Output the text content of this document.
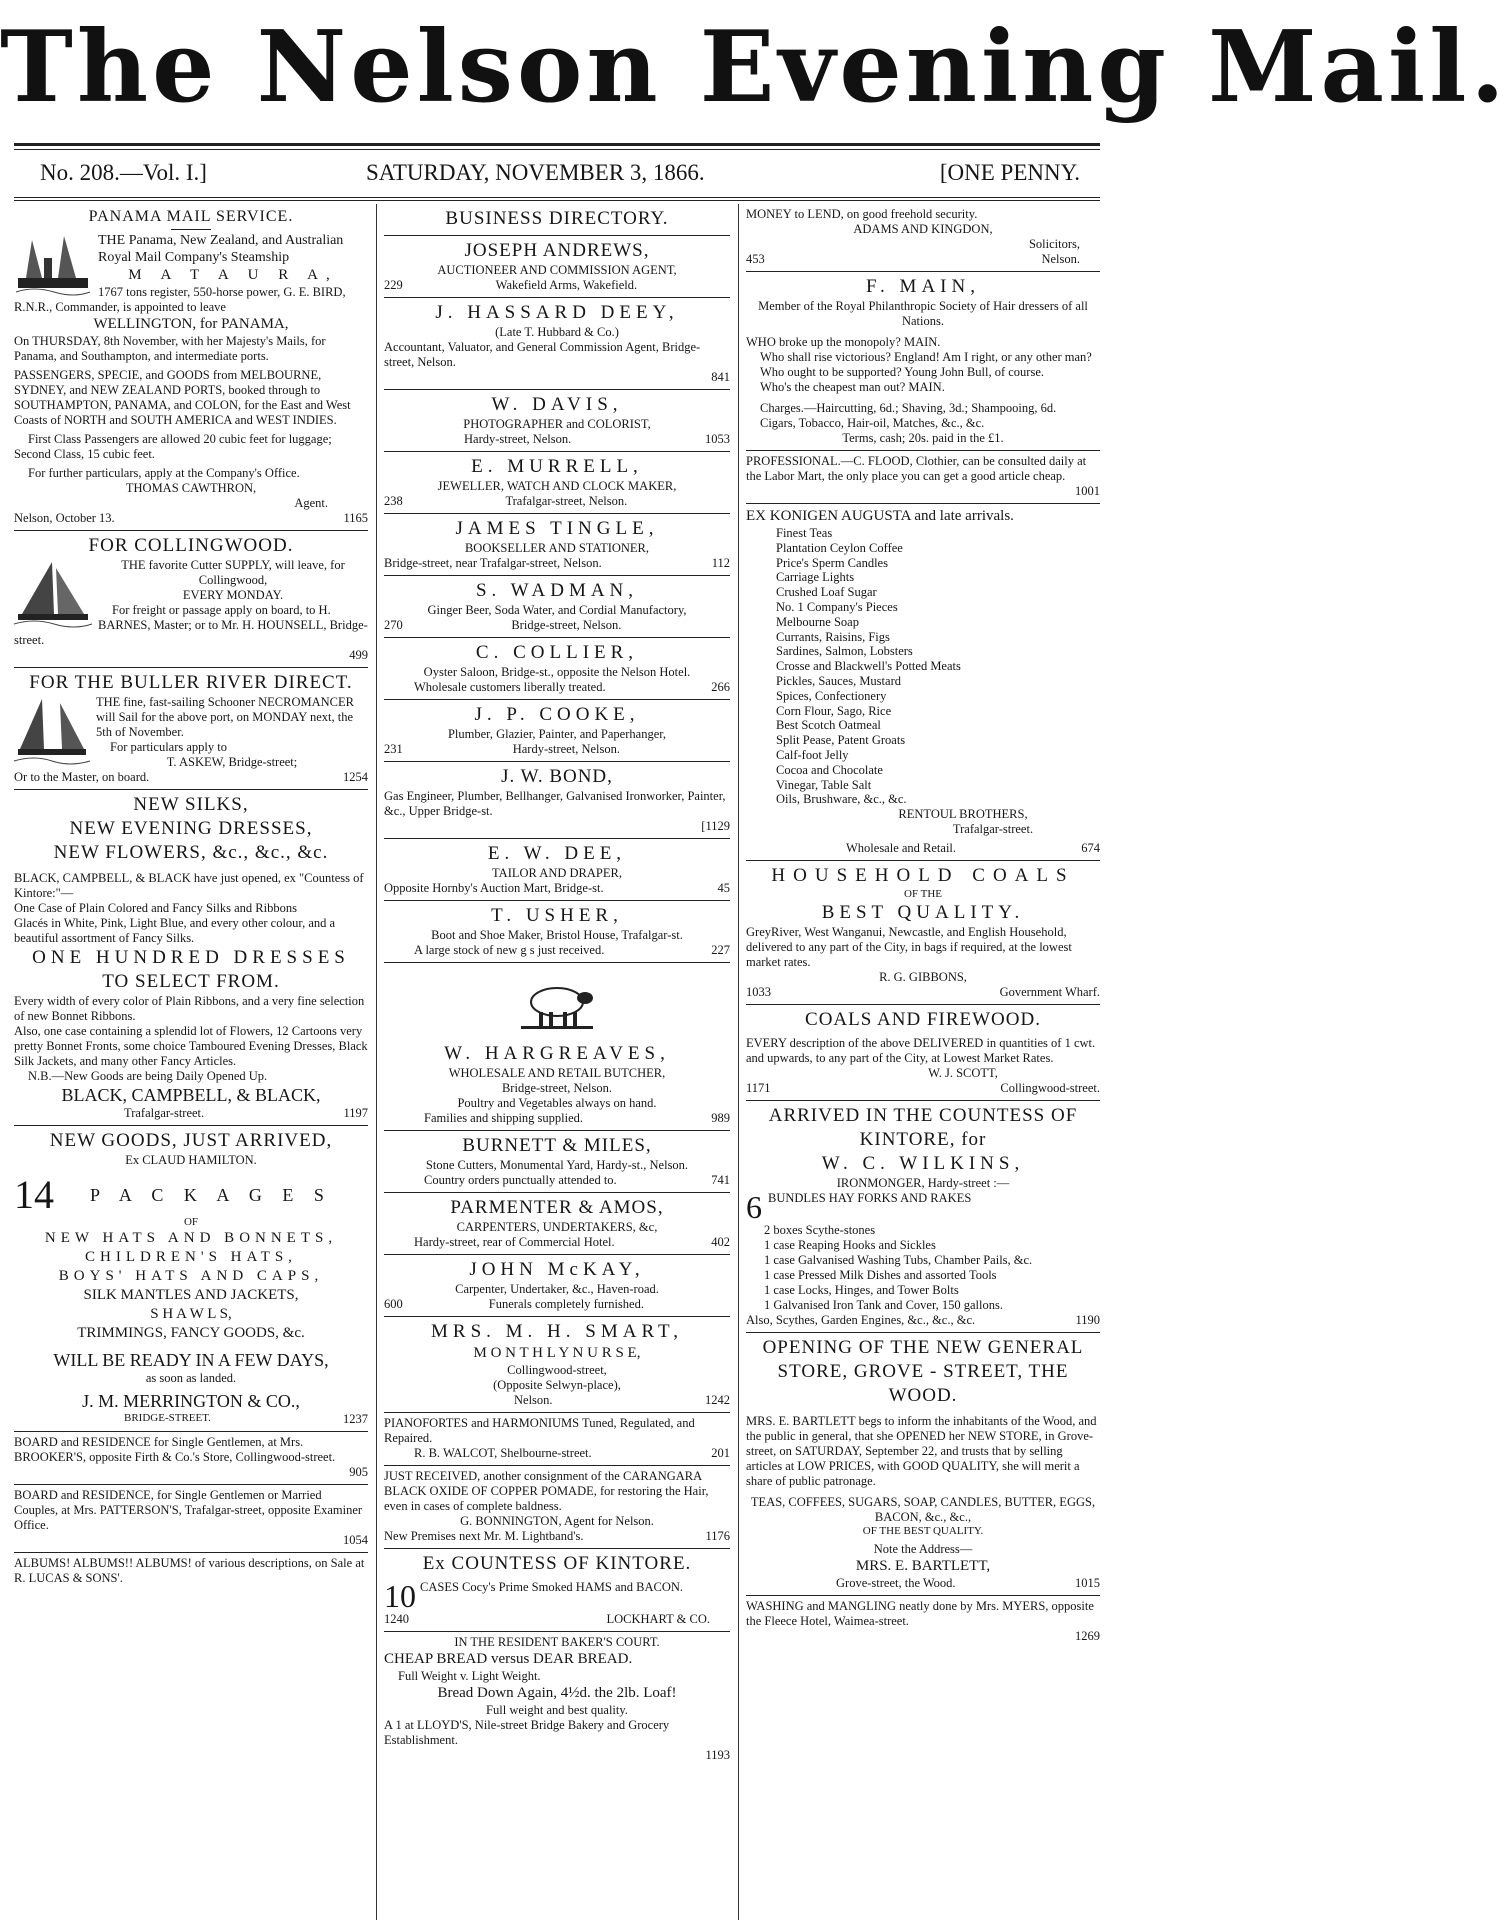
The Nelson Evening Mail.
No. 208.—Vol. I.]	SATURDAY, NOVEMBER 3, 1866.	[ONE PENNY.
PANAMA MAIL SERVICE.
THE Panama, New Zealand, and Australian Royal Mail Company's Steamship
M A T A U R A,
1767 tons register, 550-horse power, G. E. BIRD, R.N.R., Commander, is appointed to leave
WELLINGTON, for PANAMA,
On THURSDAY, 8th November, with her Majesty's Mails, for Panama, and Southampton, and intermediate ports.
PASSENGERS, SPECIE, and GOODS from MELBOURNE, SYDNEY, and NEW ZEALAND PORTS, booked through to SOUTHAMPTON, PANAMA, and COLON, for the East and West Coasts of NORTH and SOUTH AMERICA and WEST INDIES.
First Class Passengers are allowed 20 cubic feet for luggage; Second Class, 15 cubic feet.
For further particulars, apply at the Company's Office.
THOMAS CAWTHRON,
Agent.
Nelson, October 13.	1165
FOR COLLINGWOOD.
THE favorite Cutter SUPPLY, will leave, for Collingwood,
EVERY MONDAY.
For freight or passage apply on board, to H. BARNES, Master; or to Mr. H. HOUNSELL, Bridge-street.
499
FOR THE BULLER RIVER DIRECT.
THE fine, fast-sailing Schooner NECROMANCER will Sail for the above port, on MONDAY next, the 5th of November.
For particulars apply to
T. ASKEW, Bridge-street;
Or to the Master, on board.	1254
NEW SILKS,
NEW EVENING DRESSES,
NEW FLOWERS, &c., &c., &c.
BLACK, CAMPBELL, & BLACK have just opened, ex "Countess of Kintore:"—
One Case of Plain Colored and Fancy Silks and Ribbons
Glacés in White, Pink, Light Blue, and every other colour, and a beautiful assortment of Fancy Silks.
ONE HUNDRED DRESSES
TO SELECT FROM.
Every width of every color of Plain Ribbons, and a very fine selection of new Bonnet Ribbons.
Also, one case containing a splendid lot of Flowers, 12 Cartoons very pretty Bonnet Fronts, some choice Tamboured Evening Dresses, Black Silk Jackets, and many other Fancy Articles.
N.B.—New Goods are being Daily Opened Up.
BLACK, CAMPBELL, & BLACK,
Trafalgar-street.	1197
NEW GOODS, JUST ARRIVED,
Ex CLAUD HAMILTON.
14	P A C K A G E S
OF
NEW HATS AND BONNETS,
CHILDREN'S HATS,
BOYS' HATS AND CAPS,
SILK MANTLES AND JACKETS,
S H A W L S,
TRIMMINGS, FANCY GOODS, &c.
WILL BE READY IN A FEW DAYS,
as soon as landed.
J. M. MERRINGTON & CO.,
BRIDGE-STREET.	1237
BOARD and RESIDENCE for Single Gentlemen, at Mrs. BROOKER'S, opposite Firth & Co.'s Store, Collingwood-street.
905
BOARD and RESIDENCE, for Single Gentlemen or Married Couples, at Mrs. PATTERSON'S, Trafalgar-street, opposite Examiner Office.
1054
ALBUMS! ALBUMS!! ALBUMS! of various descriptions, on Sale at R. LUCAS & SONS'.
BUSINESS DIRECTORY.
JOSEPH ANDREWS,
AUCTIONEER AND COMMISSION AGENT,
229	Wakefield Arms, Wakefield.
J. HASSARD DEEY,
(Late T. Hubbard & Co.)
Accountant, Valuator, and General Commission Agent, Bridge-street, Nelson.
841
W. DAVIS,
PHOTOGRAPHER and COLORIST,
Hardy-street, Nelson.	1053
E. MURRELL,
JEWELLER, WATCH AND CLOCK MAKER,
238	Trafalgar-street, Nelson.
JAMES TINGLE,
BOOKSELLER AND STATIONER,
Bridge-street, near Trafalgar-street, Nelson.	112
S. WADMAN,
Ginger Beer, Soda Water, and Cordial Manufactory,
270	Bridge-street, Nelson.
C. COLLIER,
Oyster Saloon, Bridge-st., opposite the Nelson Hotel.
Wholesale customers liberally treated.	266
J. P. COOKE,
Plumber, Glazier, Painter, and Paperhanger,
231	Hardy-street, Nelson.
J. W. BOND,
Gas Engineer, Plumber, Bellhanger, Galvanised Ironworker, Painter, &c., Upper Bridge-st.
[1129
E. W. DEE,
TAILOR AND DRAPER,
Opposite Hornby's Auction Mart, Bridge-st.	45
T. USHER,
Boot and Shoe Maker, Bristol House, Trafalgar-st.
A large stock of new g s just received.	227
W. HARGREAVES,
WHOLESALE AND RETAIL BUTCHER,
Bridge-street, Nelson.
Poultry and Vegetables always on hand.
Families and shipping supplied.	989
BURNETT & MILES,
Stone Cutters, Monumental Yard, Hardy-st., Nelson.
Country orders punctually attended to.	741
PARMENTER & AMOS,
CARPENTERS, UNDERTAKERS, &c,
Hardy-street, rear of Commercial Hotel.	402
JOHN McKAY,
Carpenter, Undertaker, &c., Haven-road.
600	Funerals completely furnished.
MRS. M. H. SMART,
M O N T H L Y N U R S E,
Collingwood-street,
(Opposite Selwyn-place),
Nelson.	1242
PIANOFORTES and HARMONIUMS Tuned, Regulated, and Repaired.
R. B. WALCOT, Shelbourne-street.	201
JUST RECEIVED, another consignment of the CARANGARA BLACK OXIDE OF COPPER POMADE, for restoring the Hair, even in cases of complete baldness.
G. BONNINGTON, Agent for Nelson.
New Premises next Mr. M. Lightband's.	1176
Ex COUNTESS OF KINTORE.
10 CASES Cocy's Prime Smoked HAMS and BACON.
1240	LOCKHART & CO.
IN THE RESIDENT BAKER'S COURT.
CHEAP BREAD versus DEAR BREAD.
Full Weight v. Light Weight.
Bread Down Again, 4½d. the 2lb. Loaf!
Full weight and best quality.
A 1 at LLOYD'S, Nile-street Bridge Bakery and Grocery Establishment.
1193
MONEY to LEND, on good freehold security.
ADAMS AND KINGDON,
Solicitors,
453	Nelson.
F. MAIN,
Member of the Royal Philanthropic Society of Hair dressers of all Nations.
WHO broke up the monopoly? MAIN.
Who shall rise victorious? England! Am I right, or any other man?
Who ought to be supported? Young John Bull, of course.
Who's the cheapest man out? MAIN.
Charges.—Haircutting, 6d.; Shaving, 3d.; Shampooing, 6d.
Cigars, Tobacco, Hair-oil, Matches, &c., &c.
Terms, cash; 20s. paid in the £1.
PROFESSIONAL.—C. FLOOD, Clothier, can be consulted daily at the Labor Mart, the only place you can get a good article cheap.
1001
EX KONIGEN AUGUSTA and late arrivals.
Finest Teas
Plantation Ceylon Coffee
Price's Sperm Candles
Carriage Lights
Crushed Loaf Sugar
No. 1 Company's Pieces
Melbourne Soap
Currants, Raisins, Figs
Sardines, Salmon, Lobsters
Crosse and Blackwell's Potted Meats
Pickles, Sauces, Mustard
Spices, Confectionery
Corn Flour, Sago, Rice
Best Scotch Oatmeal
Split Pease, Patent Groats
Calf-foot Jelly
Cocoa and Chocolate
Vinegar, Table Salt
Oils, Brushware, &c., &c.
RENTOUL BROTHERS,
Trafalgar-street.
Wholesale and Retail.	674
HOUSEHOLD COALS
OF THE
BEST QUALITY.
GreyRiver, West Wanganui, Newcastle, and English Household, delivered to any part of the City, in bags if required, at the lowest market rates.
R. G. GIBBONS,
1033	Government Wharf.
COALS AND FIREWOOD.
EVERY description of the above DELIVERED in quantities of 1 cwt. and upwards, to any part of the City, at Lowest Market Rates.
W. J. SCOTT,
1171	Collingwood-street.
ARRIVED IN THE COUNTESS OF KINTORE, for
W. C. WILKINS,
IRONMONGER, Hardy-street :—
6 BUNDLES HAY FORKS AND RAKES
2 boxes Scythe-stones
1 case Reaping Hooks and Sickles
1 case Galvanised Washing Tubs, Chamber Pails, &c.
1 case Pressed Milk Dishes and assorted Tools
1 case Locks, Hinges, and Tower Bolts
1 Galvanised Iron Tank and Cover, 150 gallons.
Also, Scythes, Garden Engines, &c., &c., &c.	1190
OPENING OF THE NEW GENERAL STORE, GROVE - STREET, THE WOOD.
MRS. E. BARTLETT begs to inform the inhabitants of the Wood, and the public in general, that she OPENED her NEW STORE, in Grove-street, on SATURDAY, September 22, and trusts that by selling articles at LOW PRICES, with GOOD QUALITY, she will merit a share of public patronage.
TEAS, COFFEES, SUGARS, SOAP, CANDLES, BUTTER, EGGS, BACON, &c., &c.,
OF THE BEST QUALITY.
Note the Address—
MRS. E. BARTLETT,
Grove-street, the Wood.	1015
WASHING and MANGLING neatly done by Mrs. MYERS, opposite the Fleece Hotel, Waimea-street.
1269
